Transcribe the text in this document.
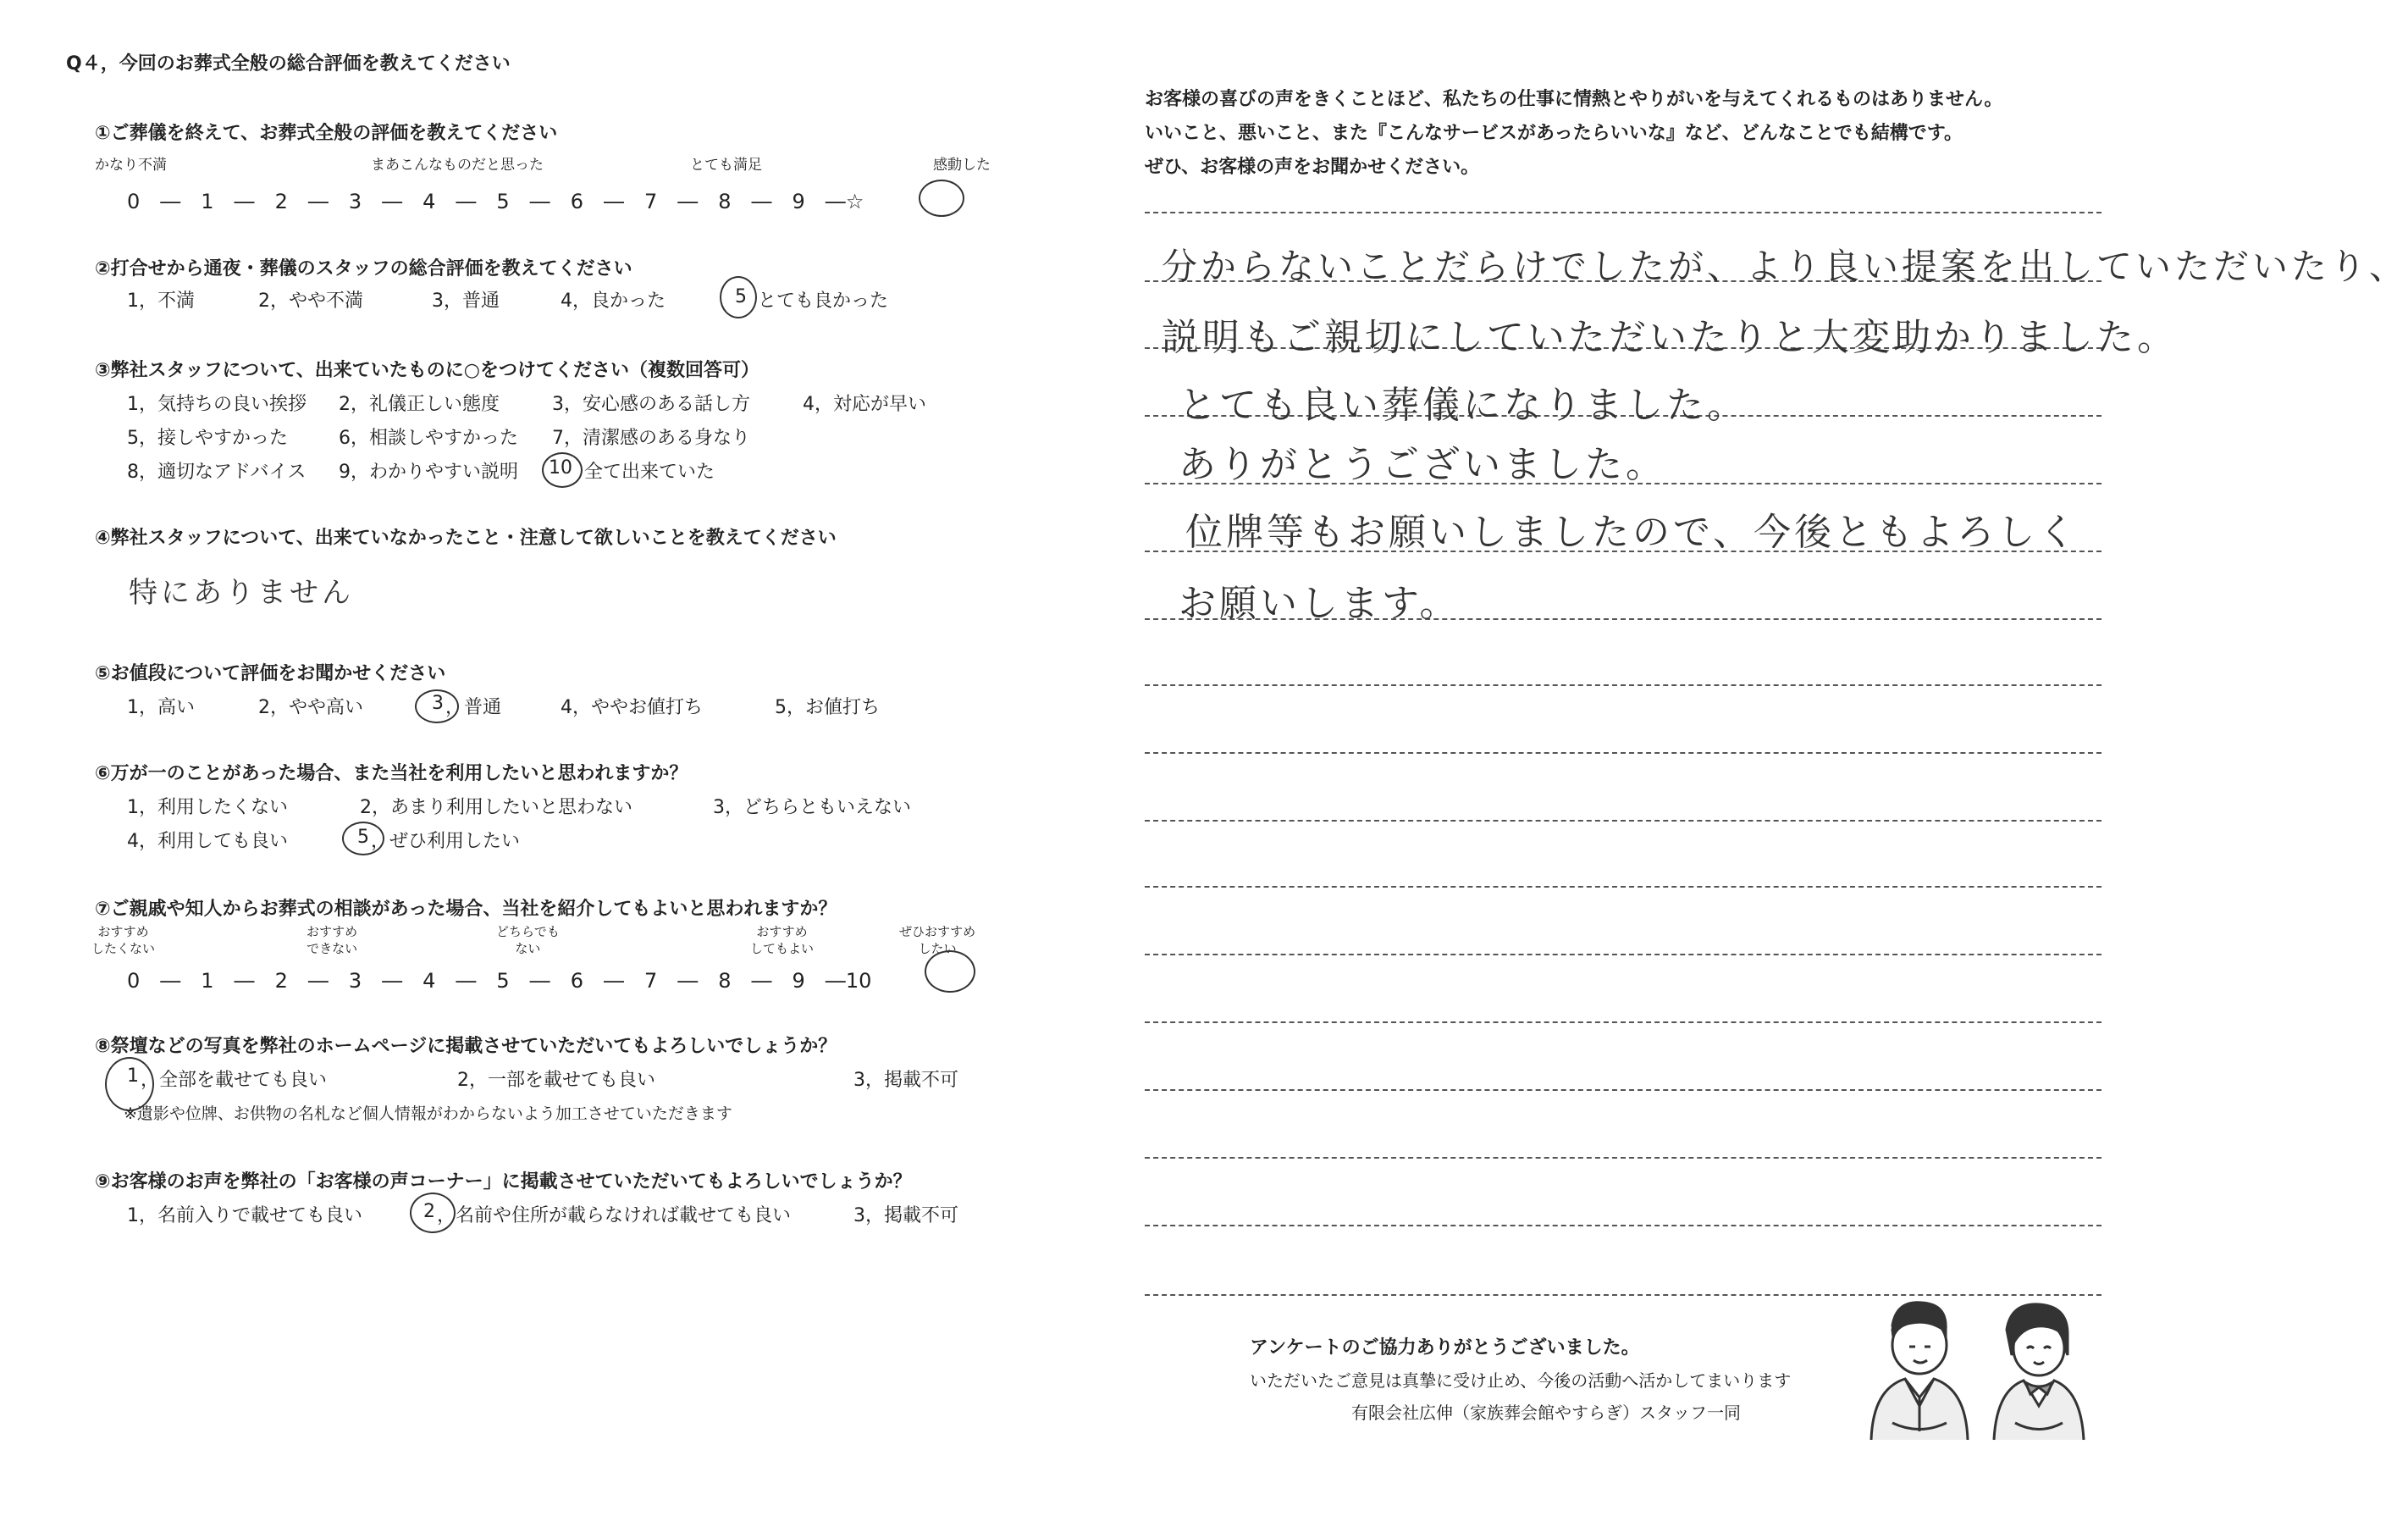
Q４，今回のお葬式全般の総合評価を教えてください
①ご葬儀を終えて、お葬式全般の評価を教えてください
かなり不満	まあこんなものだと思った	とても満足	感動した
0　―　1　―　2　―　3　―　4　―　5　―　6　―　7　―　8　―　9　―☆
②打合せから通夜・葬儀のスタッフの総合評価を教えてください
1，不満	2，やや不満	3，普通	4，良かった	5 とても良かった
③弊社スタッフについて、出来ていたものに○をつけてください（複数回答可）
1，気持ちの良い挨拶 2，礼儀正しい態度	3，安心感のある話し方	4，対応が早い
5，接しやすかった	6，相談しやすかった 7，清潔感のある身なり
8，適切なアドバイス 9，わかりやすい説明 10 全て出来ていた
④弊社スタッフについて、出来ていなかったこと・注意して欲しいことを教えてください
特にありません
⑤お値段について評価をお聞かせください
1，高い	2，やや高い	3 ，普通	4，ややお値打ち	5，お値打ち
⑥万が一のことがあった場合、また当社を利用したいと思われますか？
1，利用したくない	2，あまり利用したいと思わない	3，どちらともいえない
4，利用しても良い	5 ，ぜひ利用したい
⑦ご親戚や知人からお葬式の相談があった場合、当社を紹介してもよいと思われますか？
おすすめ
したくない
おすすめ
できない
どちらでも
ない
おすすめ
してもよい
ぜひおすすめ
したい
0　―　1　―　2　―　3　―　4　―　5　―　6　―　7　―　8　―　9　―10
⑧祭壇などの写真を弊社のホームページに掲載させていただいてもよろしいでしょうか？
1 ，全部を載せても良い	2，一部を載せても良い	3，掲載不可
※遺影や位牌、お供物の名札など個人情報がわからないよう加工させていただきます
⑨お客様のお声を弊社の「お客様の声コーナー」に掲載させていただいてもよろしいでしょうか？
1，名前入りで載せても良い	2 ，名前や住所が載らなければ載せても良い	3，掲載不可
お客様の喜びの声をきくことほど、私たちの仕事に情熱とやりがいを与えてくれるものはありません。
いいこと、悪いこと、また『こんなサービスがあったらいいな』など、どんなことでも結構です。
ぜひ、お客様の声をお聞かせください。
分からないことだらけでしたが、より良い提案を出していただいたり、
説明もご親切にしていただいたりと大変助かりました。
とても良い葬儀になりました。
ありがとうございました。
位牌等もお願いしましたので、今後ともよろしく
お願いします。
アンケートのご協力ありがとうございました。
いただいたご意見は真摯に受け止め、今後の活動へ活かしてまいります
有限会社広伸（家族葬会館やすらぎ）スタッフ一同
